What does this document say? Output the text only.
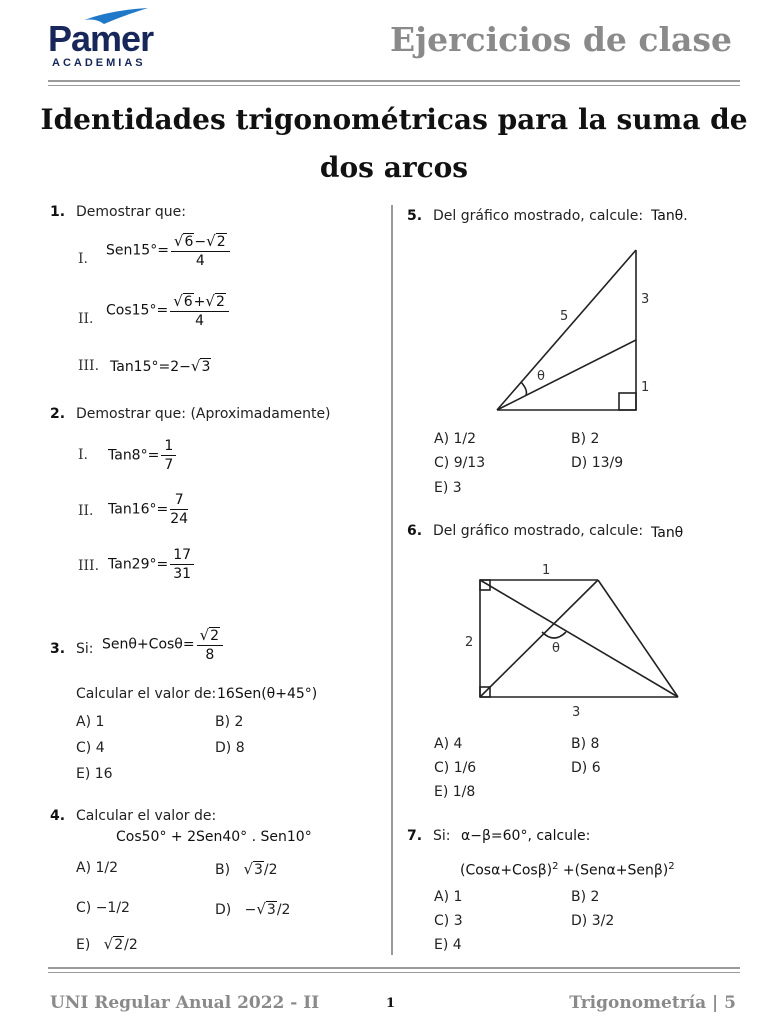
Pamer
ACADEMIAS
Ejercicios de clase
Identidades trigonométricas para la suma de
dos arcos
1. Demostrar que:
I.
$Sen15^\circ= \frac{√6-√2}{4}$
II.
$Cos15^\circ= \frac{√6+√2}{4}$
III. Tan15°=2−√3
2. Demostrar que: (Aproximadamente)
I. $Tan8^\circ= \frac{1}{7}$
II. $Tan16^\circ= \frac{7}{24}$
III. $Tan29^\circ= \frac{17}{31}$
3. Si: $Sen\theta+Cos\theta= \frac{√2}{8}$
Calcular el valor de: 16Sen(θ+45°)
A) 1	B) 2
C) 4	D) 8
E) 16
4. Calcular el valor de:
Cos50° + 2Sen40° . Sen10°
A) 1/2	B) √3/2
C) −1/2	D) −√3/2
E) √2/2
5. Del gráfico mostrado, calcule: Tanθ.
5
3
1
θ
A) 1/2	B) 2
C) 9/13	D) 13/9
E) 3
6. Del gráfico mostrado, calcule: Tanθ
1
2
3
θ
A) 4	B) 8
C) 1/6	D) 6
E) 1/8
7. Si: α−β=60°, calcule:
$(Cos\alpha+Cos\beta)^2 +(Sen\alpha+Sen\beta)^2$
A) 1	B) 2
C) 3	D) 3/2
E) 4
UNI Regular Anual 2022 - II	1	Trigonometría | 5
